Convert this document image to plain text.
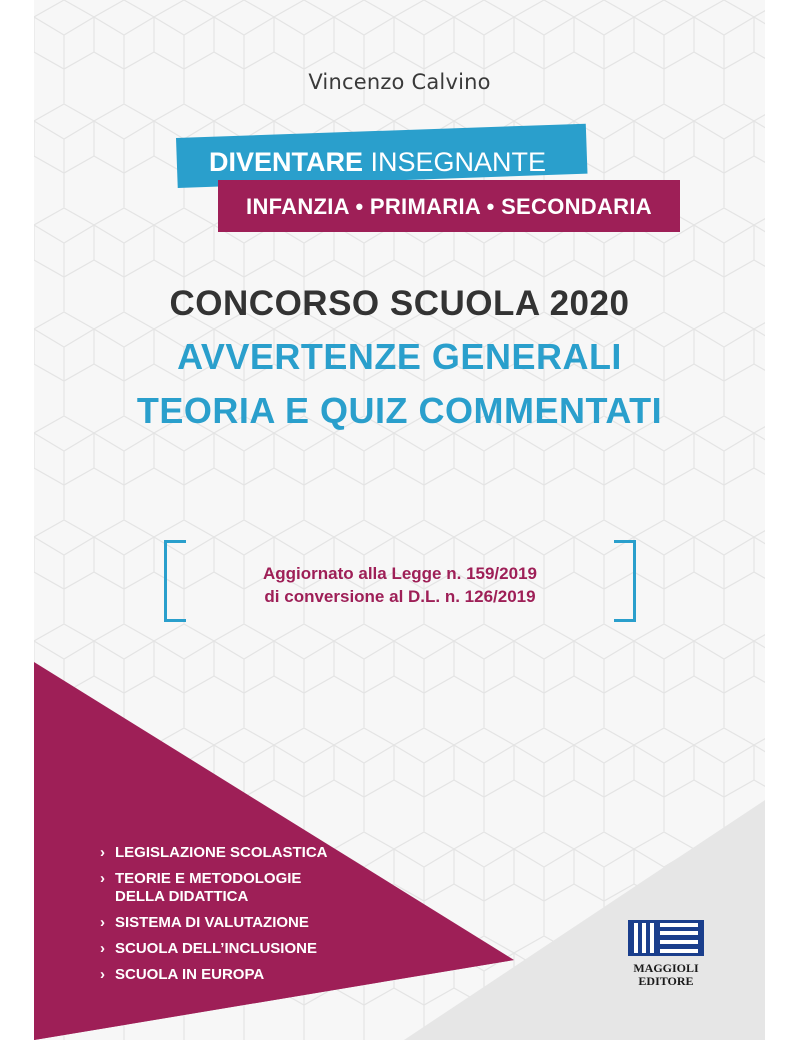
Vincenzo Calvino
DIVENTARE INSEGNANTE
INFANZIA • PRIMARIA • SECONDARIA
CONCORSO SCUOLA 2020
AVVERTENZE GENERALI
TEORIA E QUIZ COMMENTATI
Aggiornato alla Legge n. 159/2019
di conversione al D.L. n. 126/2019
› LEGISLAZIONE SCOLASTICA
› TEORIE E METODOLOGIE
DELLA DIDATTICA
› SISTEMA DI VALUTAZIONE
› SCUOLA DELL’INCLUSIONE
› SCUOLA IN EUROPA	MAGGIOLI
EDITORE
